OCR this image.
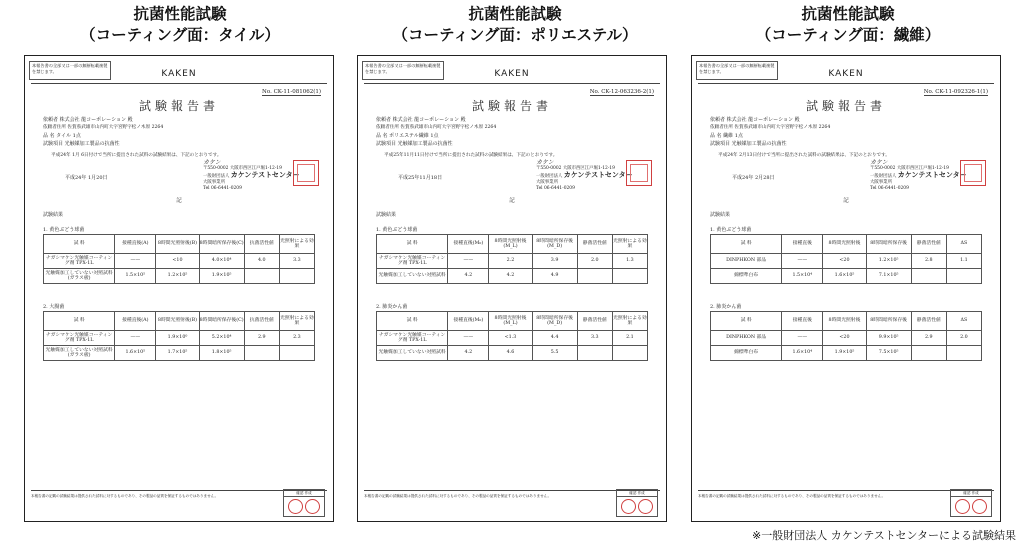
抗菌性能試験
（コーティング面：タイル）
抗菌性能試験
（コーティング面：ポリエステル）
抗菌性能試験
（コーティング面：繊維）
本報告書の全部又は一部の無断転載複製を禁じます。	KAKEN
No. CK-11-081062(1)
試験報告書
依頼者 株式会社 龍コーポレーション 殿
依頼者住所 佐賀県武雄市山内町大字宮野字松ノ木原 2264
品 名 タイル 1点
試験項目 光触媒加工製品の抗菌性
平成24年 1月 6日付けで当所に提出された試料の試験結果は、下記のとおりです。
平成24年 1月20日
カケン
〒550-0002 大阪市西区江戸堀1-12-19
一般財団法人 カケンテストセンター
大阪事業所
Tel 06-6441-0209
記
試験結果
1. 黄色ぶどう球菌
試 料	接種直後(A)	8時間光照射後(B)	8時間暗所保存後(C)	抗菌活性値	光照射による効果
ナガシマケン光触媒コーティング剤 TPX-1L	——	<10	4.0×10⁴	4.0	3.3
光触媒加工していない対照試料(ガラス板)	1.5×10⁵	1.2×10⁵	1.9×10⁵		
2. 大腸菌
試 料	接種直後(A)	8時間光照射後(B)	8時間暗所保存後(C)	抗菌活性値	光照射による効果
ナガシマケン光触媒コーティング剤 TPX-1L	——	1.9×10⁰	5.2×10⁴	2.9	2.3
光触媒加工していない対照試料(ガラス板)	1.6×10⁵	1.7×10⁵	1.8×10⁵		
本報告書の記載の試験結果は提供された試料に対するものであり、その製品の品質を保証するものではありません。
確認 作成
本報告書の全部又は一部の無断転載複製を禁じます。	KAKEN
No. CK-12-063236-2(1)
試験報告書
依頼者 株式会社 龍コーポレーション 殿
依頼者住所 佐賀県武雄市山内町大字宮野字松ノ木原 2264
品 名 ポリエステル繊維 1点
試験項目 光触媒加工製品の抗菌性
平成25年11月11日付けで当所に提出された試料の試験結果は、下記のとおりです。
平成25年11月18日
カケン
〒550-0002 大阪市西区江戸堀1-12-19
一般財団法人 カケンテストセンター
大阪事業所
Tel 06-6441-0209
記
試験結果
1. 黄色ぶどう球菌
試 料	接種直後(M₀)	8時間光照射後(M_L)	8時間暗所保存後(M_D)	静菌活性値	光照射による効果
ナガシマケン光触媒コーティング剤 TPX-1L	——	2.2	3.9	2.0	1.3
光触媒加工していない対照試料	4.2	4.2	4.9		
2. 肺炎かん菌
試 料	接種直後(M₀)	8時間光照射後(M_L)	8時間暗所保存後(M_D)	静菌活性値	光照射による効果
ナガシマケン光触媒コーティング剤 TPX-1L	——	<1.3	4.4	3.3	2.1
光触媒加工していない対照試料	4.2	4.6	5.5		
本報告書の記載の試験結果は提供された試料に対するものであり、その製品の品質を保証するものではありません。
確認 作成
本報告書の全部又は一部の無断転載複製を禁じます。	KAKEN
No. CK-11-092326-1(1)
試験報告書
依頼者 株式会社 龍コーポレーション 殿
依頼者住所 佐賀県武雄市山内町大字宮野字松ノ木原 2264
品 名 繊維 1点
試験項目 光触媒加工製品の抗菌性
平成24年 2月13日付けで当所に提出された試料の試験結果は、下記のとおりです。
平成24年 2月28日
カケン
〒550-0002 大阪市西区江戸堀1-12-19
一般財団法人 カケンテストセンター
大阪事業所
Tel 06-6441-0209
記
試験結果
1. 黄色ぶどう球菌
試 料	接種直後	8時間光照射後	8時間暗所保存後	静菌活性値	ΔS
DINPHKON 部品	——	<20	1.2×10⁵	2.8	1.1
綿標準白布	1.5×10⁴	1.6×10⁵	7.1×10⁵		
2. 肺炎かん菌
試 料	接種直後	8時間光照射後	8時間暗所保存後	静菌活性値	ΔS
DINPHKON 部品	——	<20	9.9×10⁵	2.9	2.0
綿標準白布	1.6×10⁴	1.9×10⁵	7.5×10⁵		
本報告書の記載の試験結果は提供された試料に対するものであり、その製品の品質を保証するものではありません。
確認 作成
※一般財団法人 カケンテストセンターによる試験結果
